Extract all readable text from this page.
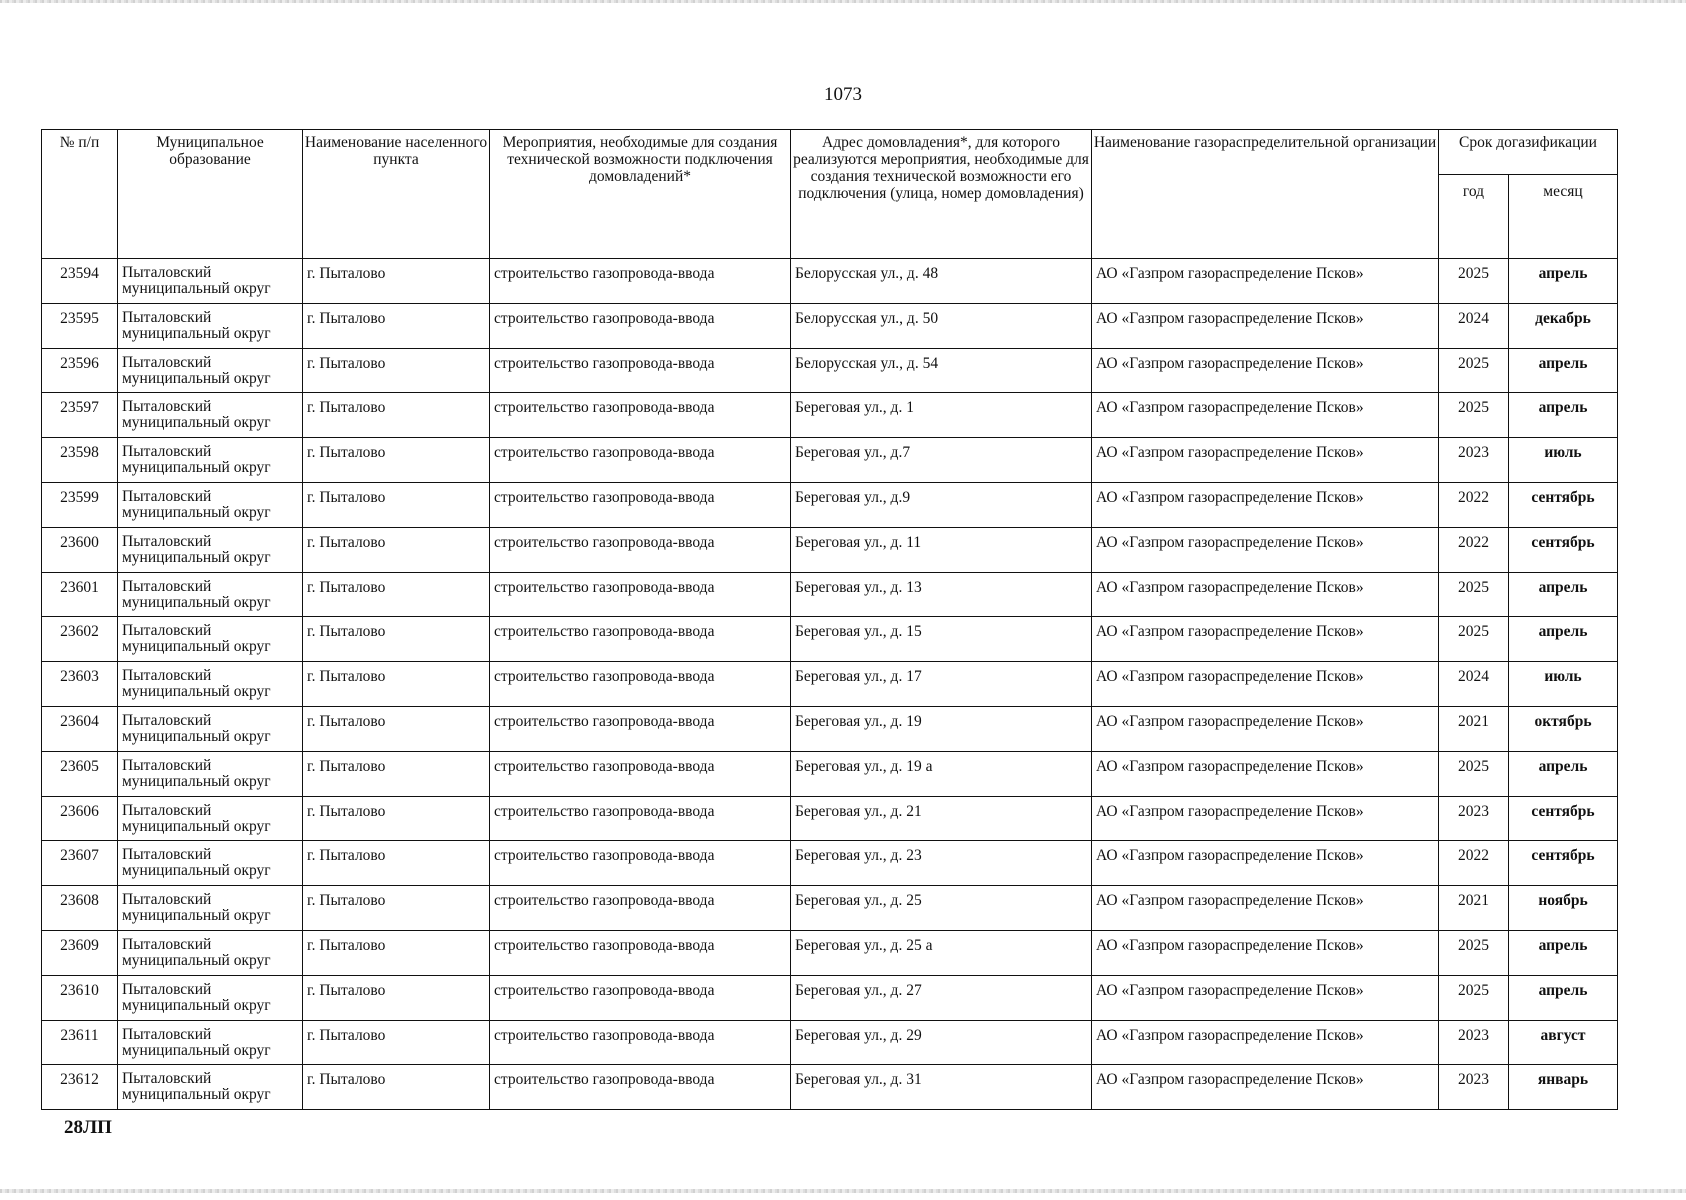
1073
№ п/п	Муниципальное образование	Наименование населенного пункта	Мероприятия, необходимые для создания технической возможности подключения домовладений*	Адрес домовладения*, для которого реализуются мероприятия, необходимые для создания технической возможности его подключения (улица, номер домовладения)	Наименование газораспределительной организации	Срок догазификации	
						год	месяц
23594	Пыталовский муниципальный округ	г. Пыталово	строительство газопровода-ввода	Белорусская ул., д. 48	АО «Газпром газораспределение Псков»	2025	апрель
23595	Пыталовский муниципальный округ	г. Пыталово	строительство газопровода-ввода	Белорусская ул., д. 50	АО «Газпром газораспределение Псков»	2024	декабрь
23596	Пыталовский муниципальный округ	г. Пыталово	строительство газопровода-ввода	Белорусская ул., д. 54	АО «Газпром газораспределение Псков»	2025	апрель
23597	Пыталовский муниципальный округ	г. Пыталово	строительство газопровода-ввода	Береговая ул., д. 1	АО «Газпром газораспределение Псков»	2025	апрель
23598	Пыталовский муниципальный округ	г. Пыталово	строительство газопровода-ввода	Береговая ул., д.7	АО «Газпром газораспределение Псков»	2023	июль
23599	Пыталовский муниципальный округ	г. Пыталово	строительство газопровода-ввода	Береговая ул., д.9	АО «Газпром газораспределение Псков»	2022	сентябрь
23600	Пыталовский муниципальный округ	г. Пыталово	строительство газопровода-ввода	Береговая ул., д. 11	АО «Газпром газораспределение Псков»	2022	сентябрь
23601	Пыталовский муниципальный округ	г. Пыталово	строительство газопровода-ввода	Береговая ул., д. 13	АО «Газпром газораспределение Псков»	2025	апрель
23602	Пыталовский муниципальный округ	г. Пыталово	строительство газопровода-ввода	Береговая ул., д. 15	АО «Газпром газораспределение Псков»	2025	апрель
23603	Пыталовский муниципальный округ	г. Пыталово	строительство газопровода-ввода	Береговая ул., д. 17	АО «Газпром газораспределение Псков»	2024	июль
23604	Пыталовский муниципальный округ	г. Пыталово	строительство газопровода-ввода	Береговая ул., д. 19	АО «Газпром газораспределение Псков»	2021	октябрь
23605	Пыталовский муниципальный округ	г. Пыталово	строительство газопровода-ввода	Береговая ул., д. 19 а	АО «Газпром газораспределение Псков»	2025	апрель
23606	Пыталовский муниципальный округ	г. Пыталово	строительство газопровода-ввода	Береговая ул., д. 21	АО «Газпром газораспределение Псков»	2023	сентябрь
23607	Пыталовский муниципальный округ	г. Пыталово	строительство газопровода-ввода	Береговая ул., д. 23	АО «Газпром газораспределение Псков»	2022	сентябрь
23608	Пыталовский муниципальный округ	г. Пыталово	строительство газопровода-ввода	Береговая ул., д. 25	АО «Газпром газораспределение Псков»	2021	ноябрь
23609	Пыталовский муниципальный округ	г. Пыталово	строительство газопровода-ввода	Береговая ул., д. 25 а	АО «Газпром газораспределение Псков»	2025	апрель
23610	Пыталовский муниципальный округ	г. Пыталово	строительство газопровода-ввода	Береговая ул., д. 27	АО «Газпром газораспределение Псков»	2025	апрель
23611	Пыталовский муниципальный округ	г. Пыталово	строительство газопровода-ввода	Береговая ул., д. 29	АО «Газпром газораспределение Псков»	2023	август
23612	Пыталовский муниципальный округ	г. Пыталово	строительство газопровода-ввода	Береговая ул., д. 31	АО «Газпром газораспределение Псков»	2023	январь
28ЛП
